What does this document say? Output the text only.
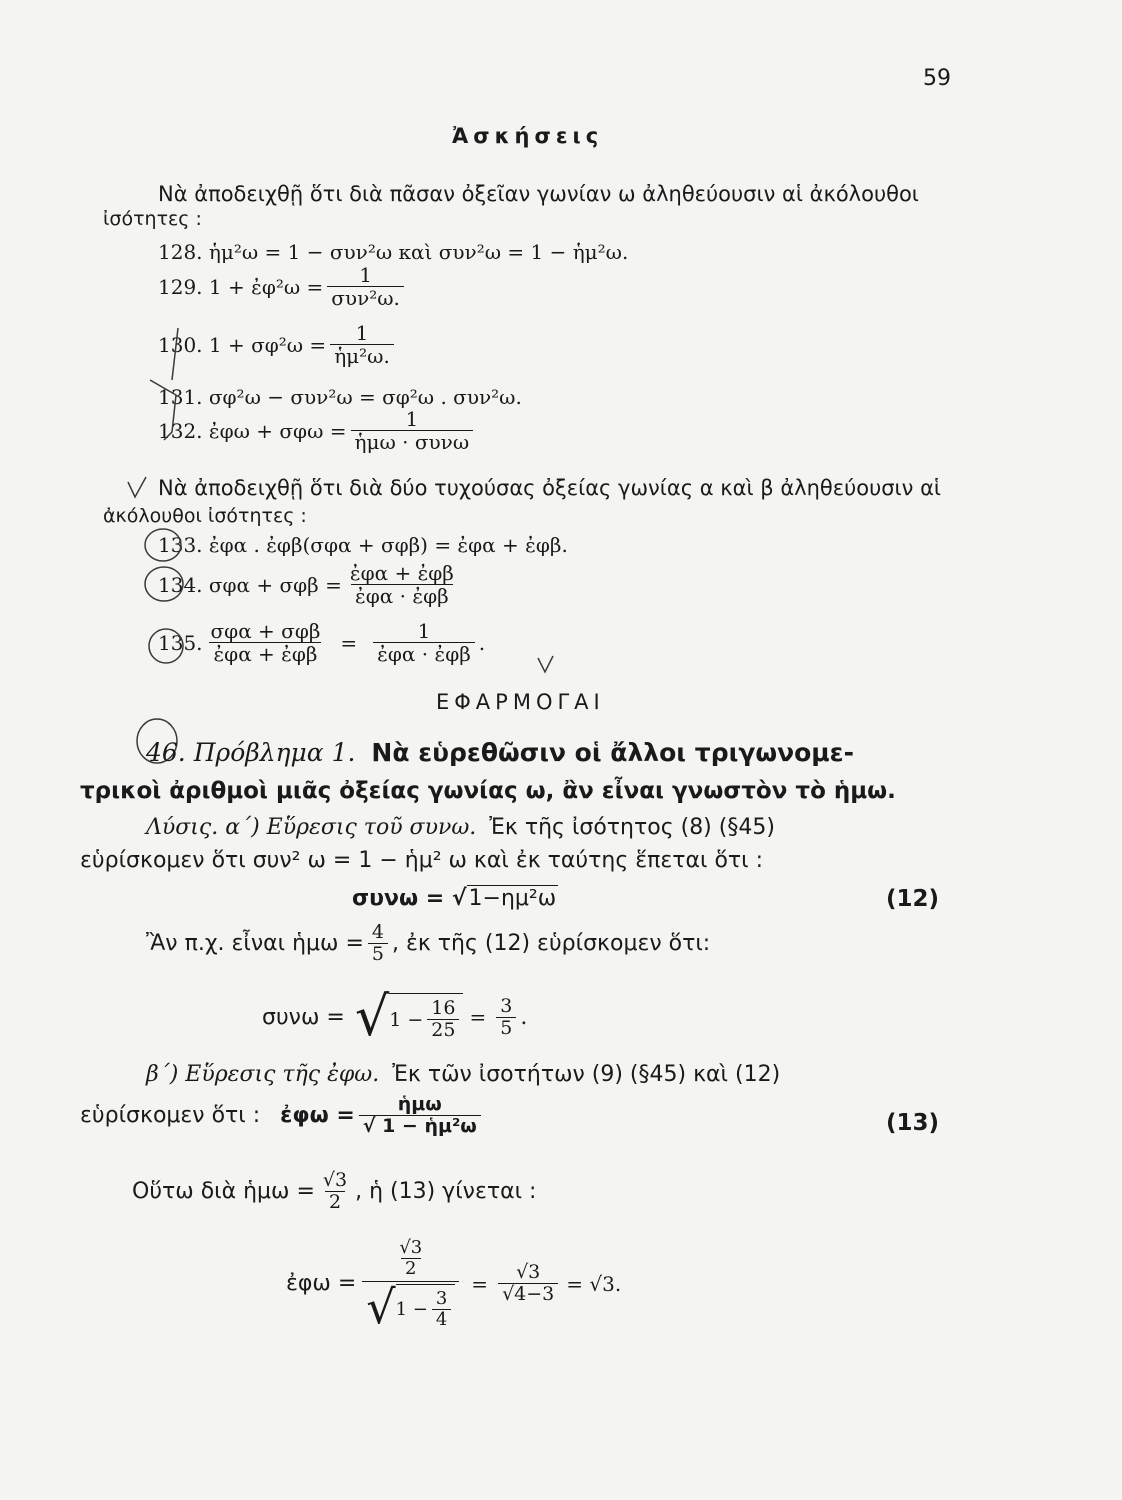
59
Ἀσκήσεις
Νὰ ἀποδειχθῇ ὅτι διὰ πᾶσαν ὀξεῖαν γωνίαν ω ἀληθεύουσιν αἱ ἀκόλουθοι
ἰσότητες :
128. ἡμ²ω = 1 − συν²ω καὶ συν²ω = 1 − ἡμ²ω.
129. 1 + ἐφ²ω = $\frac{1}{\text{συν²ω.}}$
130. $1 + \sigma\varphi^2\omega = \frac{1}{\text{ἡμ²ω.}}$
131. σφ²ω − συν²ω = σφ²ω . συν²ω.
132. ἐφω + $\sigma\varphi\omega = \frac{1}{\text{ἡμω · συνω}}$
Νὰ ἀποδειχθῇ ὅτι διὰ δύο τυχούσας ὀξείας γωνίας α καὶ β ἀληθεύουσιν αἱ
ἀκόλουθοι ἰσότητες :
133. ἐφα . ἐφβ(σφα + σφβ) = ἐφα + ἐφβ.
134. $\sigma\varphi\alpha + \sigma\varphi\beta = \frac{\text{ἐφα + ἐφβ}}{\text{ἐφα · ἐφβ}}$
135. $\frac{\text{σφα + σφβ}}{\text{ἐφα + ἐφβ}} = \frac{1}{\text{ἐφα · ἐφβ}}$ .
ΕΦΑΡΜΟΓΑΙ
46. Πρόβλημα 1. Νὰ εὑρεθῶσιν οἱ ἄλλοι τριγωνομε-
τρικοὶ ἀριθμοὶ μιᾶς ὀξείας γωνίας ω, ἂν εἶναι γνωστὸν τὸ ἡμω.
Λύσις. α΄) Εὕρεσις τοῦ συνω. Ἐκ τῆς ἰσότητος (8) (§45)
εὑρίσκομεν ὅτι συν² ω = 1 − ἡμ² ω καὶ ἐκ ταύτης ἕπεται ὅτι :
συνω = √1−ημ²ω	(12)
Ἂν π.χ. εἶναι ἡμω = $\frac{4}{5}$ , ἐκ τῆς (12) εὑρίσκομεν ὅτι:
συνω = √ $1 - \frac{16}{25} = \frac{3}{5}$ .
β΄) Εὕρεσις τῆς ἐφω. Ἐκ τῶν ἰσοτήτων (9) (§45) καὶ (12)
εὑρίσκομεν ὅτι : ἐφω = $\frac{\text{ἡμω}}{\text{√ 1 − ἡμ²ω}}$	(13)
Οὕτω διὰ ἡμω = $\frac{√3}{2}$ , ἡ (13) γίνεται :
ἐφω =
$\frac{√3}{2}$
√ $1 - \frac{3}{4}$
= $\frac{√3}{√4-3} = √3$.
